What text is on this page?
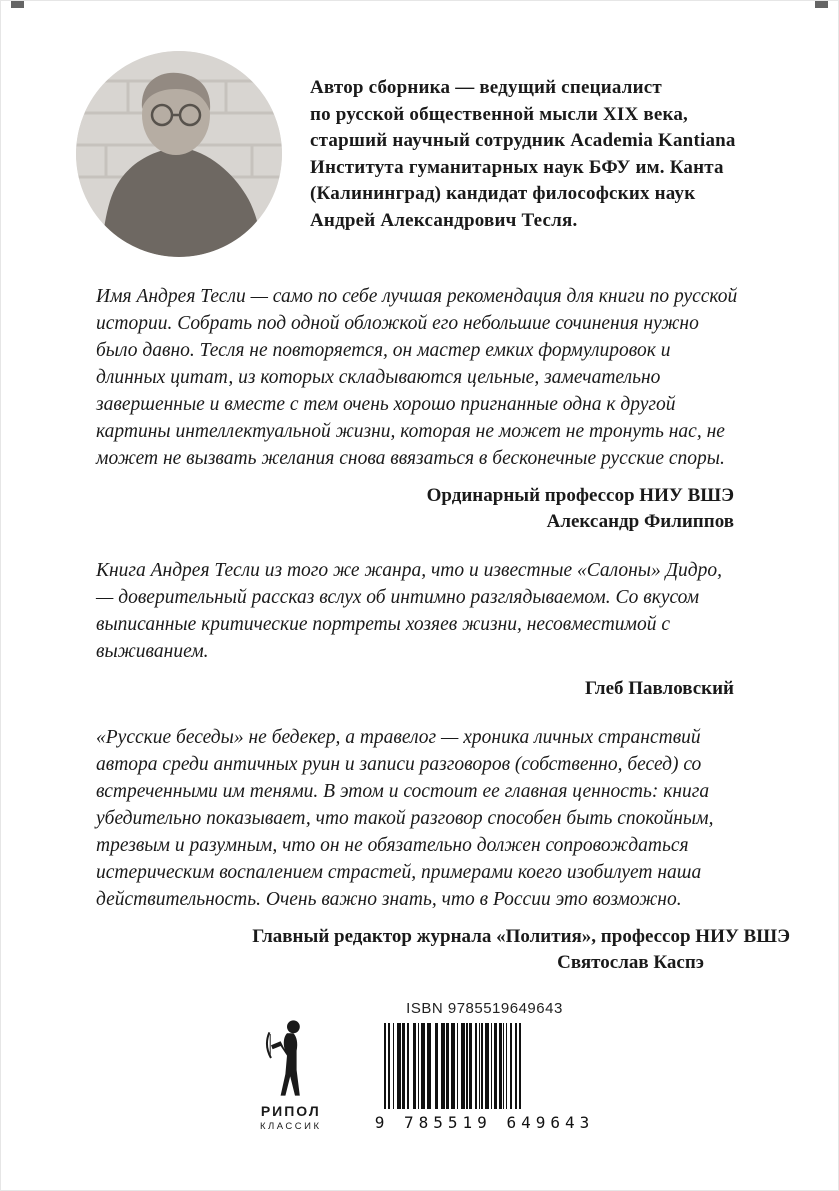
Автор сборника — ведущий специалист
по русской общественной мысли XIX века,
старший научный сотрудник Academia Kantiana
Института гуманитарных наук БФУ им. Канта
(Калининград) кандидат философских наук
Андрей Александрович Тесля.

Имя Андрея Тесли — само по себе лучшая рекомендация для книги по русской истории. Собрать под одной обложкой его небольшие сочинения нужно было давно. Тесля не повторяется, он мастер емких формулировок и длинных цитат, из которых складываются цельные, замечательно завершенные и вместе с тем очень хорошо пригнанные одна к другой картины интеллектуальной жизни, которая не может не тронуть нас, не может не вызвать желания снова ввязаться в бесконечные русские споры.

Ординарный профессор НИУ ВШЭ
Александр Филиппов

Книга Андрея Тесли из того же жанра, что и известные «Салоны» Дидро, — доверительный рассказ вслух об интимно разглядываемом. Со вкусом выписанные критические портреты хозяев жизни, несовместимой с выживанием.

Глеб Павловский

«Русские беседы» не бедекер, а травелог — хроника личных странствий автора среди античных руин и записи разговоров (собственно, бесед) со встреченными им тенями. В этом и состоит ее главная ценность: книга убедительно показывает, что такой разговор способен быть спокойным, трезвым и разумным, что он не обязательно должен сопровождаться истерическим воспалением страстей, примерами коего изобилует наша действительность. Очень важно знать, что в России это возможно.

Главный редактор журнала «Полития», профессор НИУ ВШЭ
Святослав Каспэ
РИПОЛ
КЛАССИК
ISBN 9785519649643
9 785519 649643
